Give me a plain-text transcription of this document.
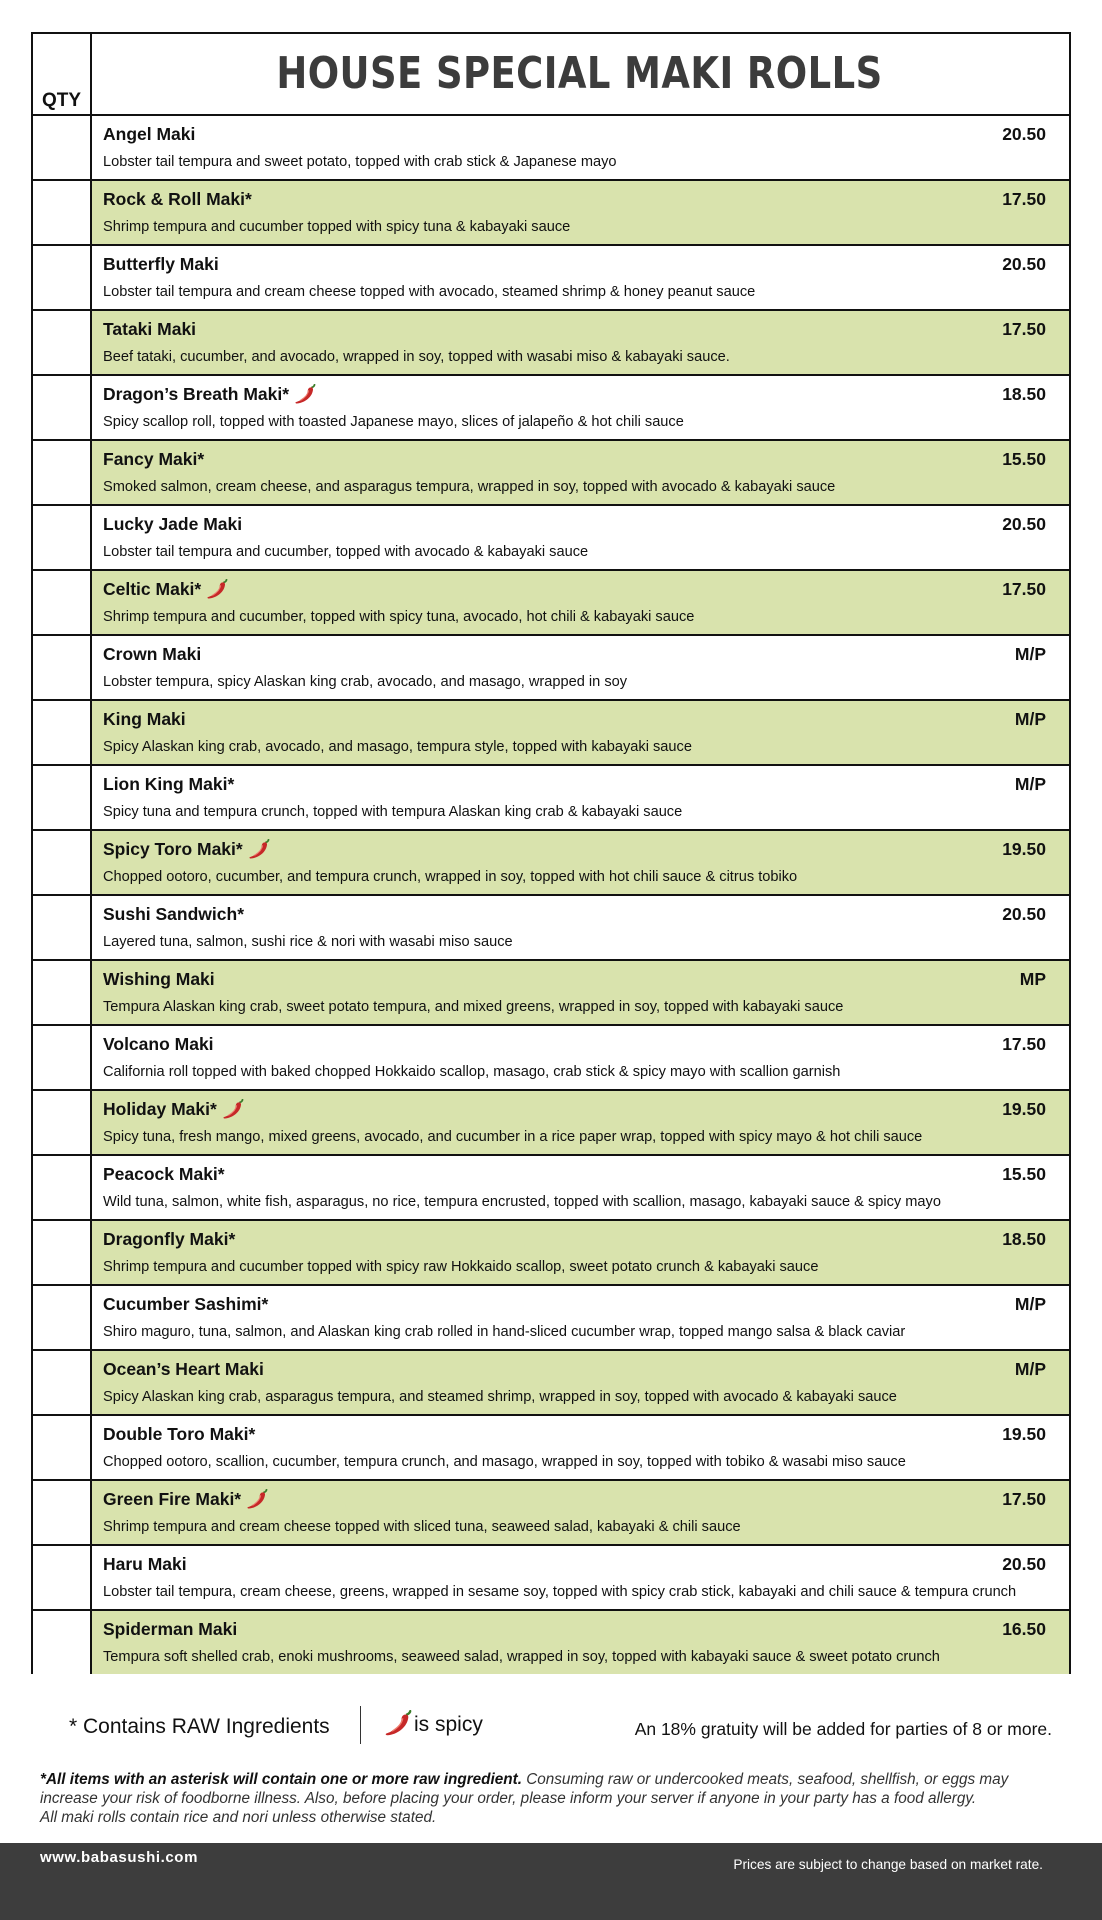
QTY
HOUSE SPECIAL MAKI ROLLS
Angel Maki	20.50
Lobster tail tempura and sweet potato, topped with crab stick & Japanese mayo
Rock & Roll Maki*	17.50
Shrimp tempura and cucumber topped with spicy tuna & kabayaki sauce
Butterfly Maki	20.50
Lobster tail tempura and cream cheese topped with avocado, steamed shrimp & honey peanut sauce
Tataki Maki	17.50
Beef tataki, cucumber, and avocado, wrapped in soy, topped with wasabi miso & kabayaki sauce.
Dragon’s Breath Maki*	18.50
Spicy scallop roll, topped with toasted Japanese mayo, slices of jalapeño & hot chili sauce
Fancy Maki*	15.50
Smoked salmon, cream cheese, and asparagus tempura, wrapped in soy, topped with avocado & kabayaki sauce
Lucky Jade Maki	20.50
Lobster tail tempura and cucumber, topped with avocado & kabayaki sauce
Celtic Maki*	17.50
Shrimp tempura and cucumber, topped with spicy tuna, avocado, hot chili & kabayaki sauce
Crown Maki	M/P
Lobster tempura, spicy Alaskan king crab, avocado, and masago, wrapped in soy
King Maki	M/P
Spicy Alaskan king crab, avocado, and masago, tempura style, topped with kabayaki sauce
Lion King Maki*	M/P
Spicy tuna and tempura crunch, topped with tempura Alaskan king crab & kabayaki sauce
Spicy Toro Maki*	19.50
Chopped ootoro, cucumber, and tempura crunch, wrapped in soy, topped with hot chili sauce & citrus tobiko
Sushi Sandwich*	20.50
Layered tuna, salmon, sushi rice & nori with wasabi miso sauce
Wishing Maki	MP
Tempura Alaskan king crab, sweet potato tempura, and mixed greens, wrapped in soy, topped with kabayaki sauce
Volcano Maki	17.50
California roll topped with baked chopped Hokkaido scallop, masago, crab stick & spicy mayo with scallion garnish
Holiday Maki*	19.50
Spicy tuna, fresh mango, mixed greens, avocado, and cucumber in a rice paper wrap, topped with spicy mayo & hot chili sauce
Peacock Maki*	15.50
Wild tuna, salmon, white fish, asparagus, no rice, tempura encrusted, topped with scallion, masago, kabayaki sauce & spicy mayo
Dragonfly Maki*	18.50
Shrimp tempura and cucumber topped with spicy raw Hokkaido scallop, sweet potato crunch & kabayaki sauce
Cucumber Sashimi*	M/P
Shiro maguro, tuna, salmon, and Alaskan king crab rolled in hand-sliced cucumber wrap, topped mango salsa & black caviar
Ocean’s Heart Maki	M/P
Spicy Alaskan king crab, asparagus tempura, and steamed shrimp, wrapped in soy, topped with avocado & kabayaki sauce
Double Toro Maki*	19.50
Chopped ootoro, scallion, cucumber, tempura crunch, and masago, wrapped in soy, topped with tobiko & wasabi miso sauce
Green Fire Maki*	17.50
Shrimp tempura and cream cheese topped with sliced tuna, seaweed salad, kabayaki & chili sauce
Haru Maki	20.50
Lobster tail tempura, cream cheese, greens, wrapped in sesame soy, topped with spicy crab stick, kabayaki and chili sauce & tempura crunch
Spiderman Maki	16.50
Tempura soft shelled crab, enoki mushrooms, seaweed salad, wrapped in soy, topped with kabayaki sauce & sweet potato crunch
* Contains RAW Ingredients	is spicy	An 18% gratuity will be added for parties of 8 or more.
*All items with an asterisk will contain one or more raw ingredient. Consuming raw or undercooked meats, seafood, shellfish, or eggs may increase your risk of foodborne illness. Also, before placing your order, please inform your server if anyone in your party has a food allergy.
All maki rolls contain rice and nori unless otherwise stated.
www.babasushi.com	Prices are subject to change based on market rate.
